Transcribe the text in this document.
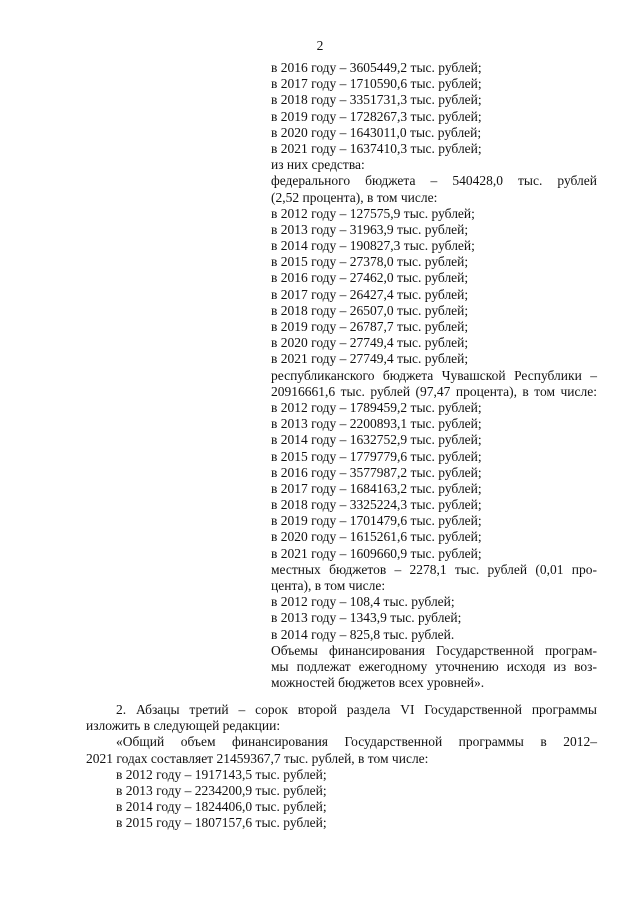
2
в 2016 году – 3605449,2 тыс. рублей;
в 2017 году – 1710590,6 тыс. рублей;
в 2018 году – 3351731,3 тыс. рублей;
в 2019 году – 1728267,3 тыс. рублей;
в 2020 году – 1643011,0 тыс. рублей;
в 2021 году – 1637410,3 тыс. рублей;
из них средства:
федерального бюджета – 540428,0 тыс. рублей
(2,52 процента), в том числе:
в 2012 году – 127575,9 тыс. рублей;
в 2013 году – 31963,9 тыс. рублей;
в 2014 году – 190827,3 тыс. рублей;
в 2015 году – 27378,0 тыс. рублей;
в 2016 году – 27462,0 тыс. рублей;
в 2017 году – 26427,4 тыс. рублей;
в 2018 году – 26507,0 тыс. рублей;
в 2019 году – 26787,7 тыс. рублей;
в 2020 году – 27749,4 тыс. рублей;
в 2021 году – 27749,4 тыс. рублей;
республиканского бюджета Чувашской Республики –
20916661,6 тыс. рублей (97,47 процента), в том числе:
в 2012 году – 1789459,2 тыс. рублей;
в 2013 году – 2200893,1 тыс. рублей;
в 2014 году – 1632752,9 тыс. рублей;
в 2015 году – 1779779,6 тыс. рублей;
в 2016 году – 3577987,2 тыс. рублей;
в 2017 году – 1684163,2 тыс. рублей;
в 2018 году – 3325224,3 тыс. рублей;
в 2019 году – 1701479,6 тыс. рублей;
в 2020 году – 1615261,6 тыс. рублей;
в 2021 году – 1609660,9 тыс. рублей;
местных бюджетов – 2278,1 тыс. рублей (0,01 про-
цента), в том числе:
в 2012 году – 108,4 тыс. рублей;
в 2013 году – 1343,9 тыс. рублей;
в 2014 году – 825,8 тыс. рублей.
Объемы финансирования Государственной програм-
мы подлежат ежегодному уточнению исходя из воз-
можностей бюджетов всех уровней».
2. Абзацы третий – сорок второй раздела VI Государственной программы
изложить в следующей редакции:
«Общий объем финансирования Государственной программы в 2012–
2021 годах составляет 21459367,7 тыс. рублей, в том числе:
в 2012 году – 1917143,5 тыс. рублей;
в 2013 году – 2234200,9 тыс. рублей;
в 2014 году – 1824406,0 тыс. рублей;
в 2015 году – 1807157,6 тыс. рублей;
